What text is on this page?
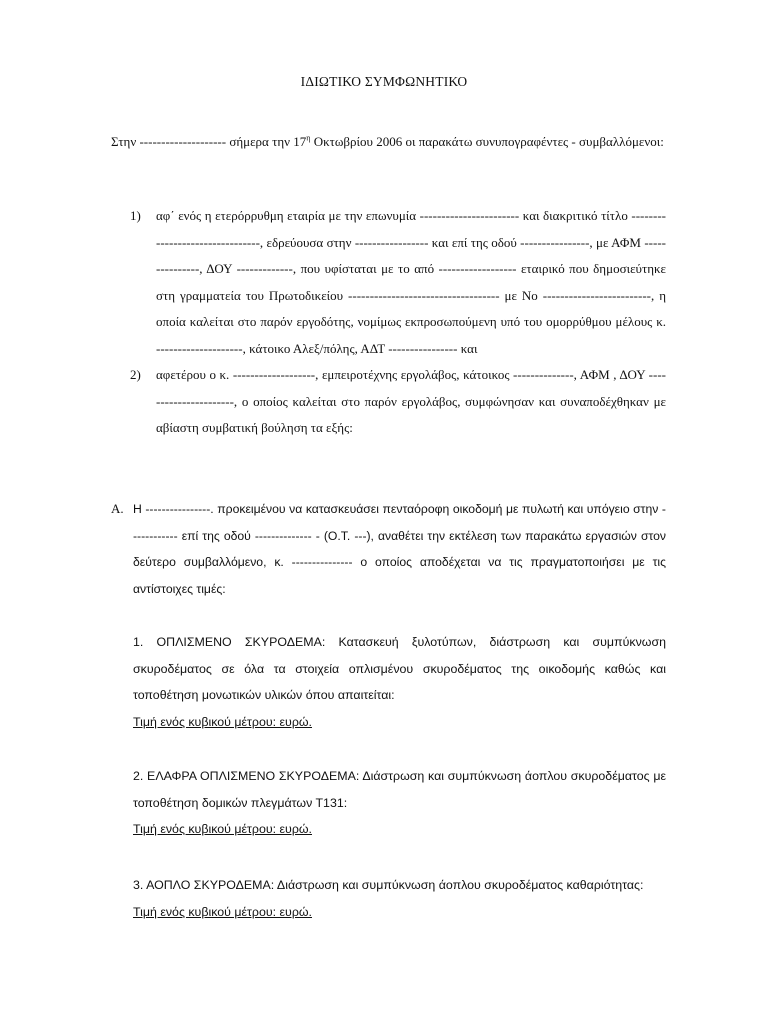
ΙΔΙΩΤΙΚΟ ΣΥΜΦΩΝΗΤΙΚΟ
Στην -------------------- σήμερα την $17^\eta$ Οκτωβρίου 2006 οι παρακάτω συνυπογραφέντες - συμβαλλόμενοι:
1) αφ΄ ενός η ετερόρρυθμη εταιρία με την επωνυμία ----------------------- και διακριτικό τίτλο --------------------------------, εδρεύουσα στην ----------------- και επί της οδού ----------------, με ΑΦΜ ---------------, ΔΟΥ -------------, που υφίσταται με το από ------------------ εταιρικό που δημοσιεύτηκε στη γραμματεία του Πρωτοδικείου ----------------------------------- με Νο -------------------------, η οποία καλείται στο παρόν εργοδότης, νομίμως εκπροσωπούμενη υπό του ομορρύθμου μέλους κ. --------------------, κάτοικο Αλεξ/πόλης, ΑΔΤ ---------------- και
2) αφετέρου ο κ. -------------------, εμπειροτέχνης εργολάβος, κάτοικος --------------, ΑΦΜ , ΔΟΥ ----------------------, ο οποίος καλείται στο παρόν εργολάβος, συμφώνησαν και συναποδέχθηκαν με αβίαστη συμβατική βούληση τα εξής:
Α. Η ----------------. προκειμένου να κατασκευάσει πενταόροφη οικοδομή με πυλωτή και υπόγειο στην ------------ επί της οδού -------------- - (Ο.Τ. ---), αναθέτει την εκτέλεση των παρακάτω εργασιών στον δεύτερο συμβαλλόμενο, κ. --------------- ο οποίος αποδέχεται να τις πραγματοποιήσει με τις αντίστοιχες τιμές:
1. ΟΠΛΙΣΜΕΝΟ ΣΚΥΡΟΔΕΜΑ: Κατασκευή ξυλοτύπων, διάστρωση και συμπύκνωση σκυροδέματος σε όλα τα στοιχεία οπλισμένου σκυροδέματος της οικοδομής καθώς και τοποθέτηση μονωτικών υλικών όπου απαιτείται:
Τιμή ενός κυβικού μέτρου: ευρώ.
2. ΕΛΑΦΡΑ ΟΠΛΙΣΜΕΝΟ ΣΚΥΡΟΔΕΜΑ: Διάστρωση και συμπύκνωση άοπλου σκυροδέματος με τοποθέτηση δομικών πλεγμάτων Τ131:
Τιμή ενός κυβικού μέτρου: ευρώ.
3. ΑΟΠΛΟ ΣΚΥΡΟΔΕΜΑ: Διάστρωση και συμπύκνωση άοπλου σκυροδέματος καθαριότητας:
Τιμή ενός κυβικού μέτρου: ευρώ.
